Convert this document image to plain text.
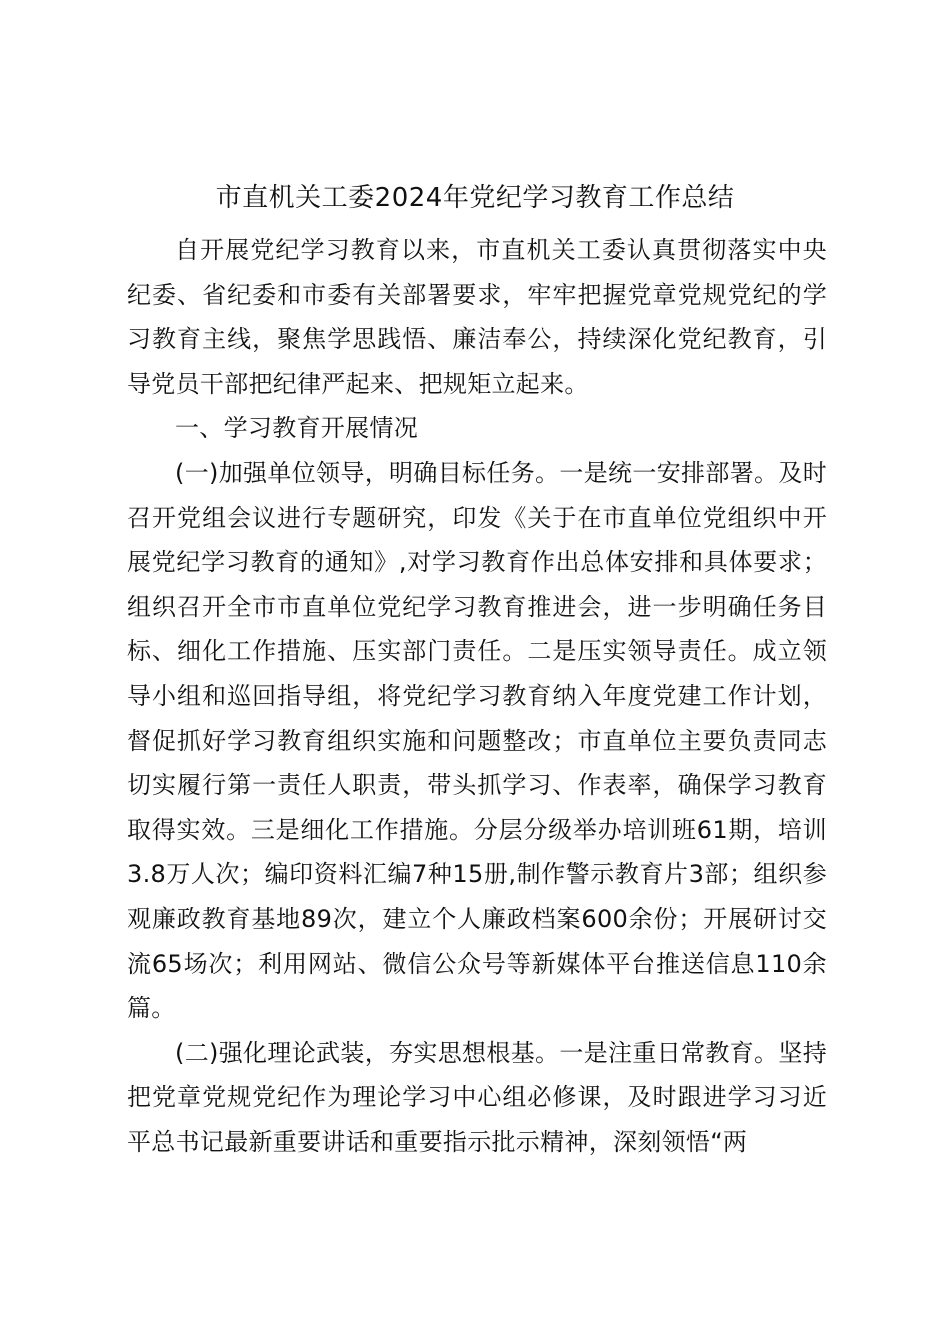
市直机关工委2024年党纪学习教育工作总结

自开展党纪学习教育以来，市直机关工委认真贯彻落实中央纪委、省纪委和市委有关部署要求，牢牢把握党章党规党纪的学习教育主线，聚焦学思践悟、廉洁奉公，持续深化党纪教育，引导党员干部把纪律严起来、把规矩立起来。

一、学习教育开展情况

(一)加强单位领导，明确目标任务。一是统一安排部署。及时召开党组会议进行专题研究，印发《关于在市直单位党组织中开展党纪学习教育的通知》,对学习教育作出总体安排和具体要求；组织召开全市市直单位党纪学习教育推进会，进一步明确任务目标、细化工作措施、压实部门责任。二是压实领导责任。成立领导小组和巡回指导组，将党纪学习教育纳入年度党建工作计划，督促抓好学习教育组织实施和问题整改；市直单位主要负责同志切实履行第一责任人职责，带头抓学习、作表率，确保学习教育取得实效。三是细化工作措施。分层分级举办培训班61期，培训3.8万人次；编印资料汇编7种15册,制作警示教育片3部；组织参观廉政教育基地89次，建立个人廉政档案600余份；开展研讨交流65场次；利用网站、微信公众号等新媒体平台推送信息110余篇。

(二)强化理论武装，夯实思想根基。一是注重日常教育。坚持把党章党规党纪作为理论学习中心组必修课，及时跟进学习习近平总书记最新重要讲话和重要指示批示精神，深刻领悟“两
